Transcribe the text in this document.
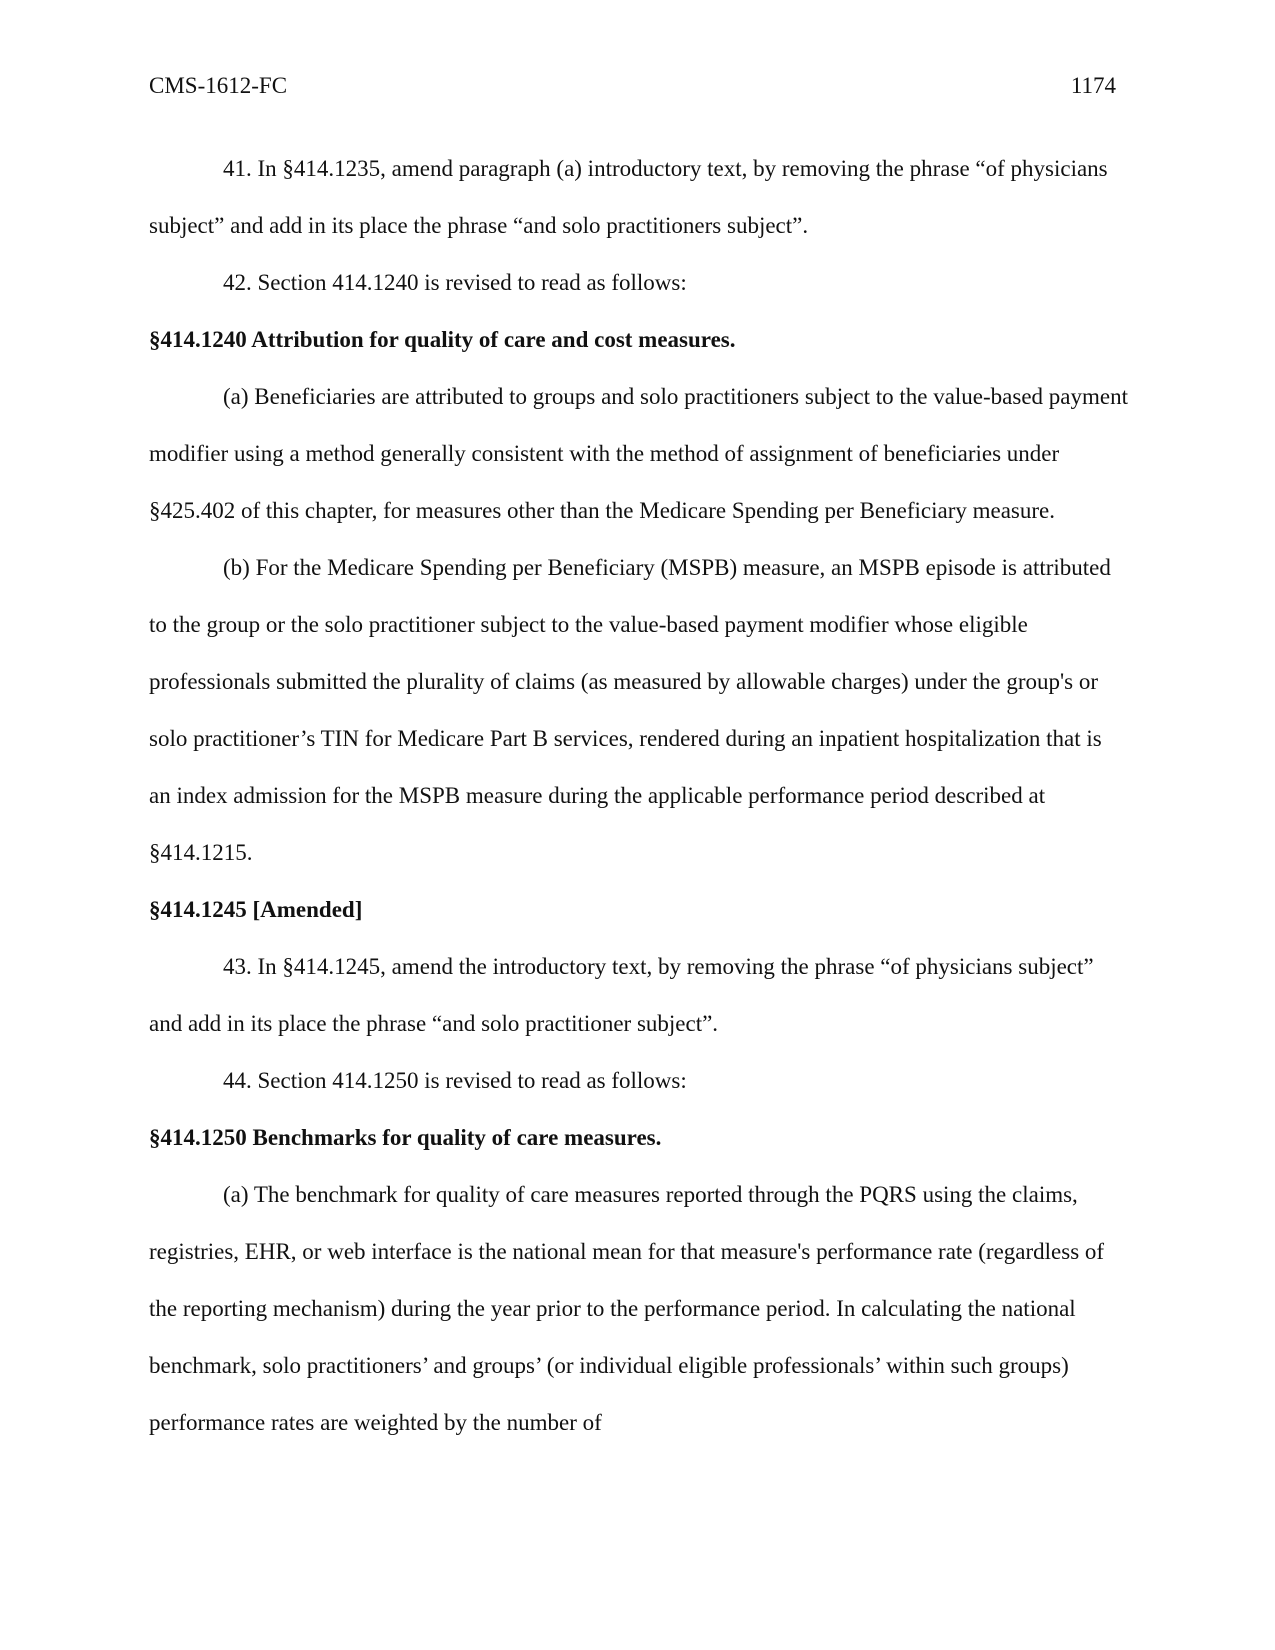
CMS-1612-FC	1174

41. In §414.1235, amend paragraph (a) introductory text, by removing the phrase “of physicians subject” and add in its place the phrase “and solo practitioners subject”.

42. Section 414.1240 is revised to read as follows:

§414.1240 Attribution for quality of care and cost measures.

(a) Beneficiaries are attributed to groups and solo practitioners subject to the value-based payment modifier using a method generally consistent with the method of assignment of beneficiaries under §425.402 of this chapter, for measures other than the Medicare Spending per Beneficiary measure.

(b) For the Medicare Spending per Beneficiary (MSPB) measure, an MSPB episode is attributed to the group or the solo practitioner subject to the value-based payment modifier whose eligible professionals submitted the plurality of claims (as measured by allowable charges) under the group's or solo practitioner’s TIN for Medicare Part B services, rendered during an inpatient hospitalization that is an index admission for the MSPB measure during the applicable performance period described at §414.1215.

§414.1245 [Amended]

43. In §414.1245, amend the introductory text, by removing the phrase “of physicians subject” and add in its place the phrase “and solo practitioner subject”.

44. Section 414.1250 is revised to read as follows:

§414.1250 Benchmarks for quality of care measures.

(a) The benchmark for quality of care measures reported through the PQRS using the claims, registries, EHR, or web interface is the national mean for that measure's performance rate (regardless of the reporting mechanism) during the year prior to the performance period. In calculating the national benchmark, solo practitioners’ and groups’ (or individual eligible professionals’ within such groups) performance rates are weighted by the number of
